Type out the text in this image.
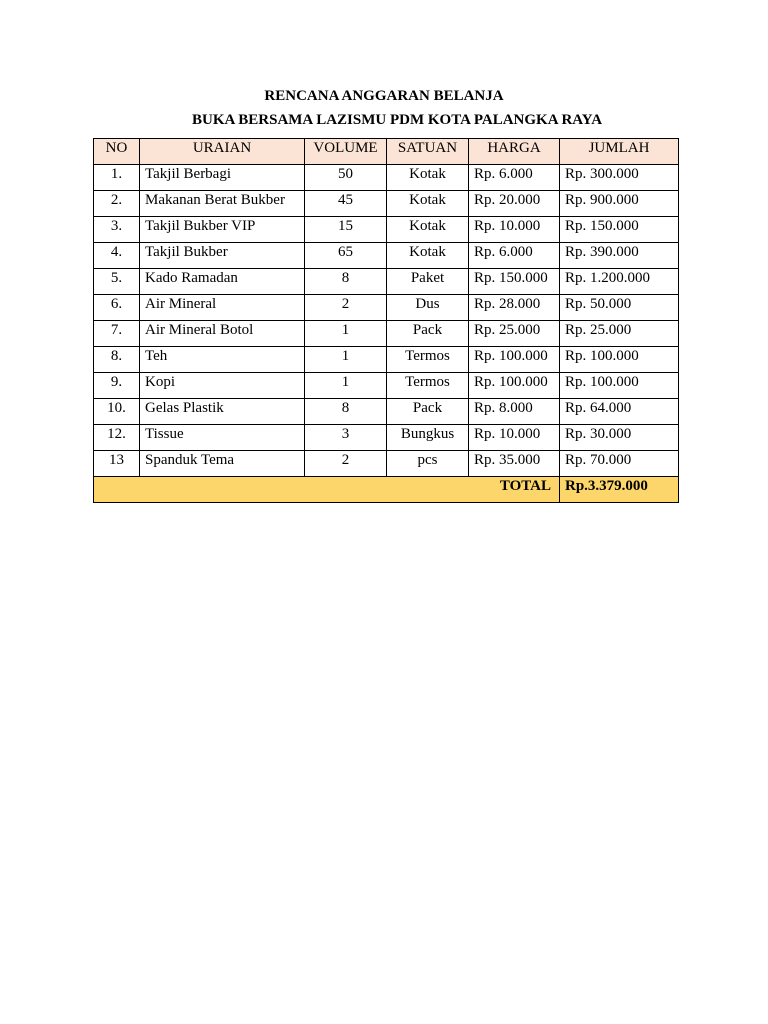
RENCANA ANGGARAN BELANJA
BUKA BERSAMA LAZISMU PDM KOTA PALANGKA RAYA
NO	URAIAN	VOLUME	SATUAN	HARGA	JUMLAH
1.	Takjil Berbagi	50	Kotak	Rp. 6.000	Rp. 300.000
2.	Makanan Berat Bukber	45	Kotak	Rp. 20.000	Rp. 900.000
3.	Takjil Bukber VIP	15	Kotak	Rp. 10.000	Rp. 150.000
4.	Takjil Bukber	65	Kotak	Rp. 6.000	Rp. 390.000
5.	Kado Ramadan	8	Paket	Rp. 150.000	Rp. 1.200.000
6.	Air Mineral	2	Dus	Rp. 28.000	Rp. 50.000
7.	Air Mineral Botol	1	Pack	Rp. 25.000	Rp. 25.000
8.	Teh	1	Termos	Rp. 100.000	Rp. 100.000
9.	Kopi	1	Termos	Rp. 100.000	Rp. 100.000
10.	Gelas Plastik	8	Pack	Rp. 8.000	Rp. 64.000
12.	Tissue	3	Bungkus	Rp. 10.000	Rp. 30.000
13	Spanduk Tema	2	pcs	Rp. 35.000	Rp. 70.000
TOTAL					Rp.3.379.000
